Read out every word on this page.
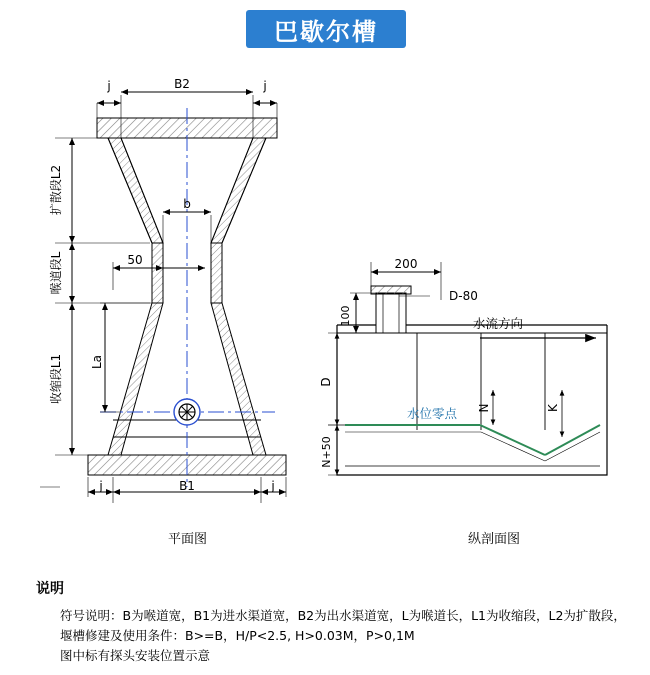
巴歇尔槽
B2
j	j
b
50
La
B1
j	j
扩散段L2
喉道段L
收缩段L1
200
D-80
100
D
N+50
N	K
水流方向
水位零点
平面图	纵剖面图
说明
符号说明：B为喉道宽，B1为进水渠道宽，B2为出水渠道宽，L为喉道长，L1为收缩段，L2为扩散段，
堰槽修建及使用条件：B>=B，H/P<2.5, H>0.03M，P>0,1M
图中标有探头安装位置示意
